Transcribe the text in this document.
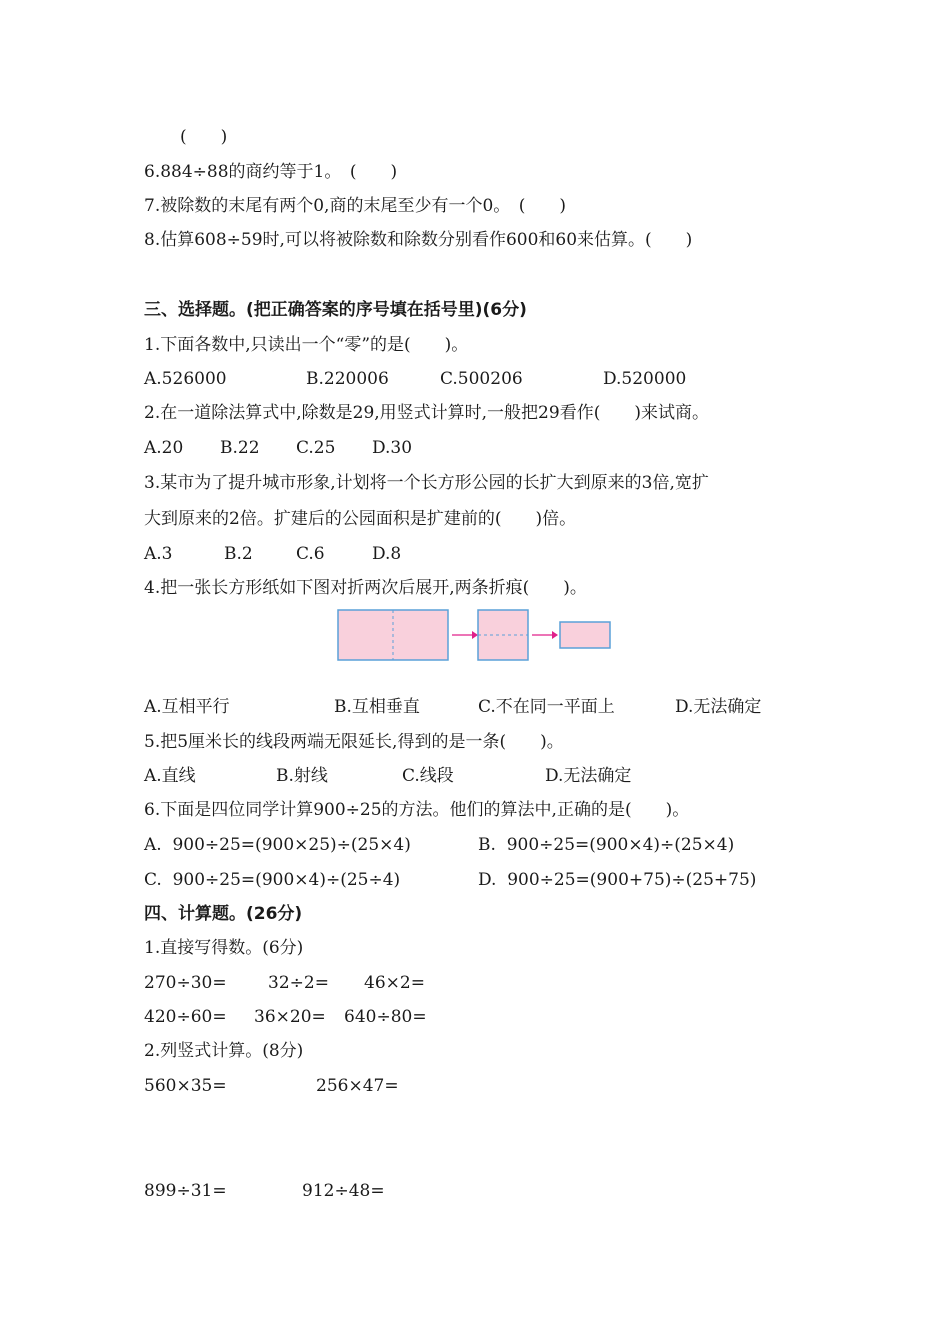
(　　)
6.884÷88的商约等于1。　(　　)
7.被除数的末尾有两个0,商的末尾至少有一个0。　(　　)
8.估算608÷59时,可以将被除数和除数分别看作600和60来估算。(　　)
三、选择题。(把正确答案的序号填在括号里)(6分)
1.下面各数中,只读出一个“零”的是(　　)。
A.526000	B.220006	C.500206	D.520000
2.在一道除法算式中,除数是29,用竖式计算时,一般把29看作(　　)来试商。
A.20 B.22 C.25 D.30
3.某市为了提升城市形象,计划将一个长方形公园的长扩大到原来的3倍,宽扩
大到原来的2倍。扩建后的公园面积是扩建前的(　　)倍。
A.3	B.2	C.6	D.8
4.把一张长方形纸如下图对折两次后展开,两条折痕(　　)。
A.互相平行	B.互相垂直	C.不在同一平面上	D.无法确定
5.把5厘米长的线段两端无限延长,得到的是一条(　　)。
A.直线	B.射线	C.线段	D.无法确定
6.下面是四位同学计算900÷25的方法。他们的算法中,正确的是(　　)。
A.  900÷25=(900×25)÷(25×4)	B.  900÷25=(900×4)÷(25×4)
C.  900÷25=(900×4)÷(25÷4)	D.  900÷25=(900+75)÷(25+75)
四、计算题。(26分)
1.直接写得数。(6分)
270÷30= 32÷2= 46×2=
420÷60= 36×20= 640÷80=
2.列竖式计算。(8分)
560×35=	256×47=
899÷31=	912÷48=
